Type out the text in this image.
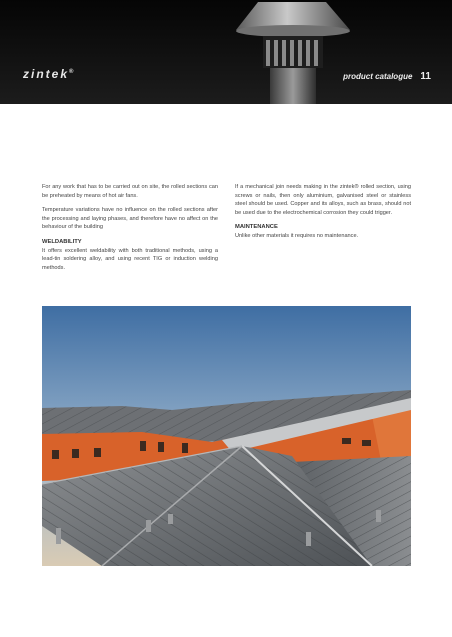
zintek®	product catalogue 11

For any work that has to be carried out on site, the rolled sections can be preheated by means of hot air fans.

Temperature variations have no influence on the rolled sections after the processing and laying phases, and therefore have no affect on the behaviour of the building

WELDABILITY

It offers excellent weldability with both traditional methods, using a lead-tin soldering alloy, and using recent TIG or induction welding methods.

If a mechanical join needs making in the zintek® rolled section, using screws or nails, then only aluminium, galvanised steel or stainless steel should be used. Copper and its alloys, such as brass, should not be used due to the electrochemical corrosion they could trigger.

MAINTENANCE

Unlike other materials it requires no maintenance.
